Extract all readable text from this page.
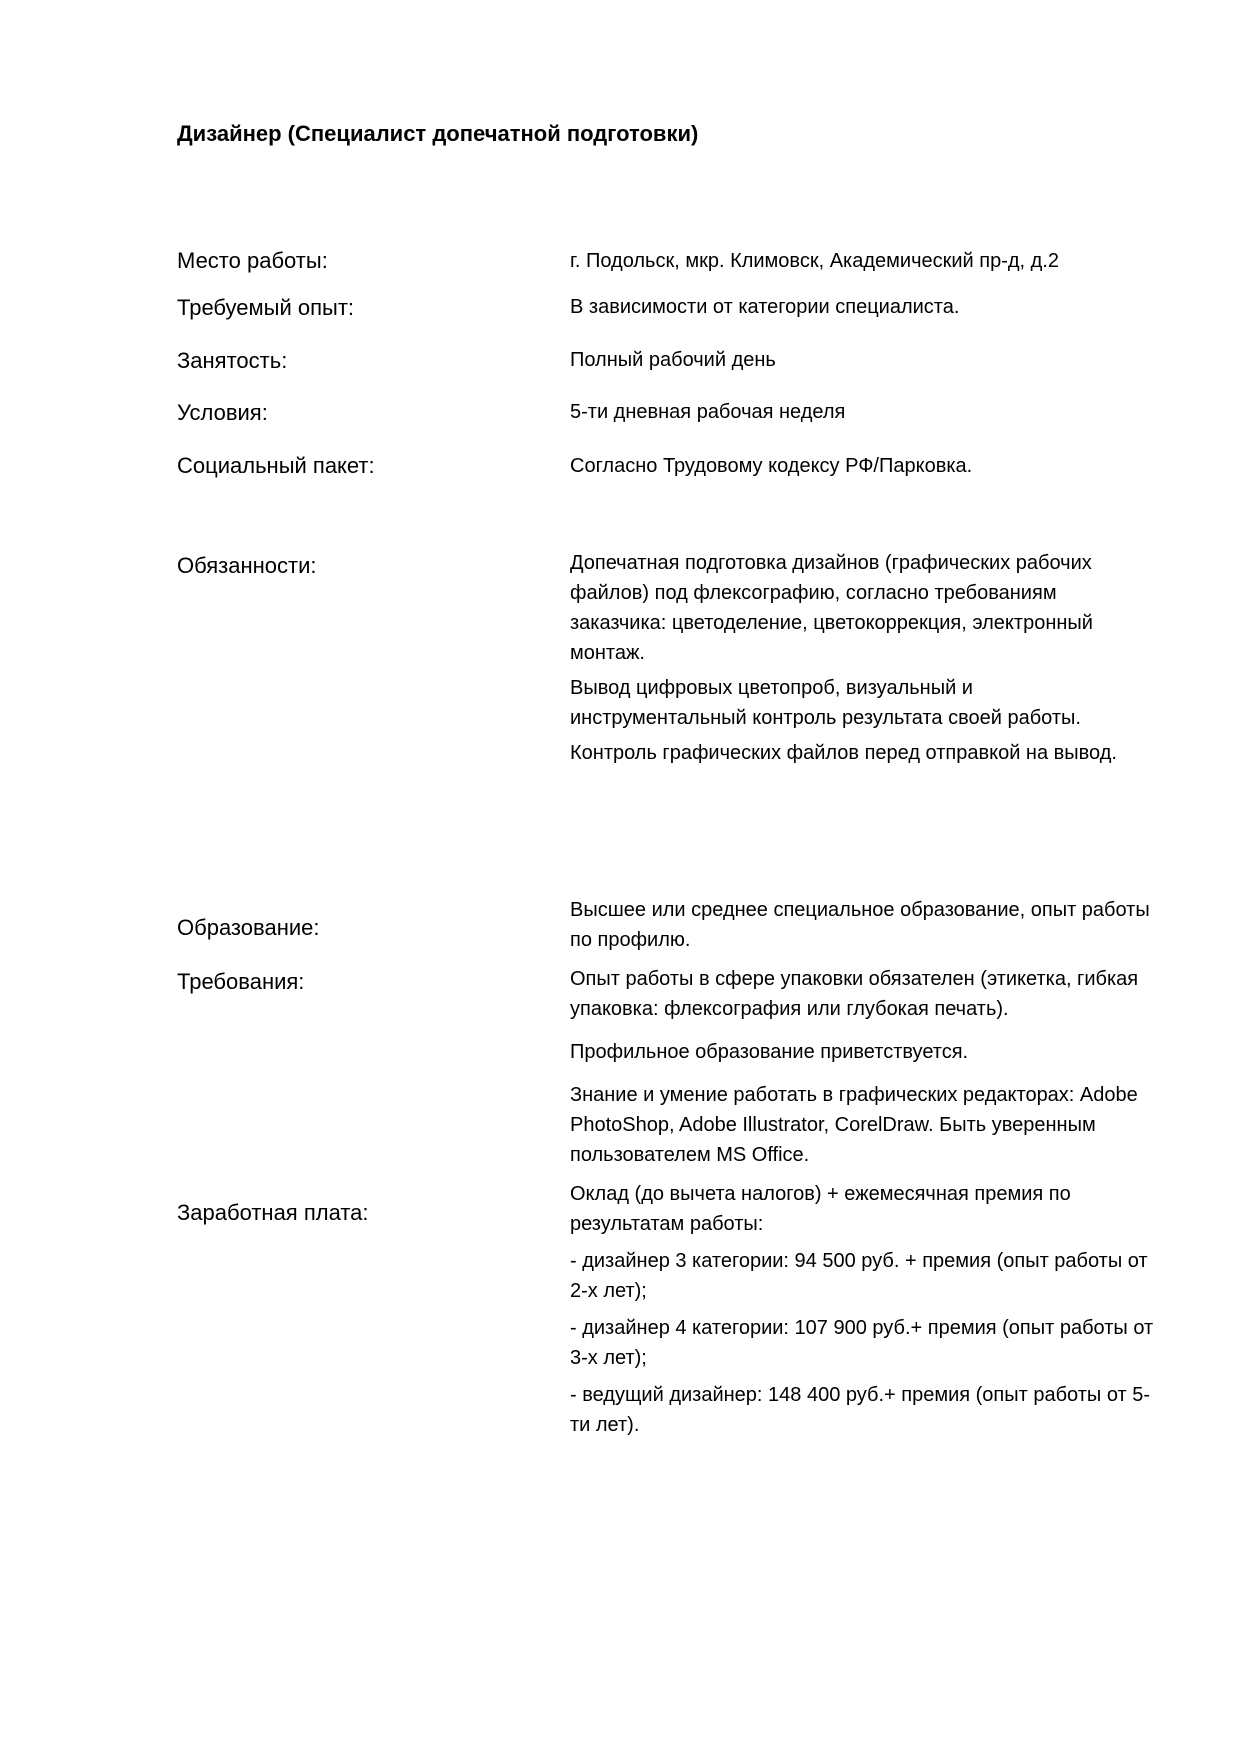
Дизайнер (Специалист допечатной подготовки)
Место работы:	г. Подольск, мкр. Климовск, Академический пр-д, д.2
Требуемый опыт:	В зависимости от категории специалиста.
Занятость:	Полный рабочий день
Условия:	5-ти дневная рабочая неделя
Социальный пакет:	Согласно Трудовому кодексу РФ/Парковка.
Обязанности:	Допечатная подготовка дизайнов (графических рабочих файлов) под флексографию, согласно требованиям заказчика: цветоделение, цветокоррекция, электронный монтаж.

Вывод цифровых цветопроб, визуальный и инструментальный контроль результата своей работы.

Контроль графических файлов перед отправкой на вывод.

Образование:
Высшее или среднее специальное образование, опыт работы по профилю.
Требования:	Опыт работы в сфере упаковки обязателен (этикетка, гибкая упаковка: флексография или глубокая печать).

Профильное образование приветствуется.

Знание и умение работать в графических редакторах: Adobe PhotoShop, Adobe Illustrator, CorelDraw. Быть уверенным пользователем MS Office.

Заработная плата:

Оклад (до вычета налогов) + ежемесячная премия по результатам работы:

- дизайнер 3 категории: 94 500 руб. + премия (опыт работы от 2-х лет);

- дизайнер 4 категории: 107 900 руб.+ премия (опыт работы от 3-х лет);

- ведущий дизайнер: 148 400 руб.+ премия (опыт работы от 5-ти лет).
